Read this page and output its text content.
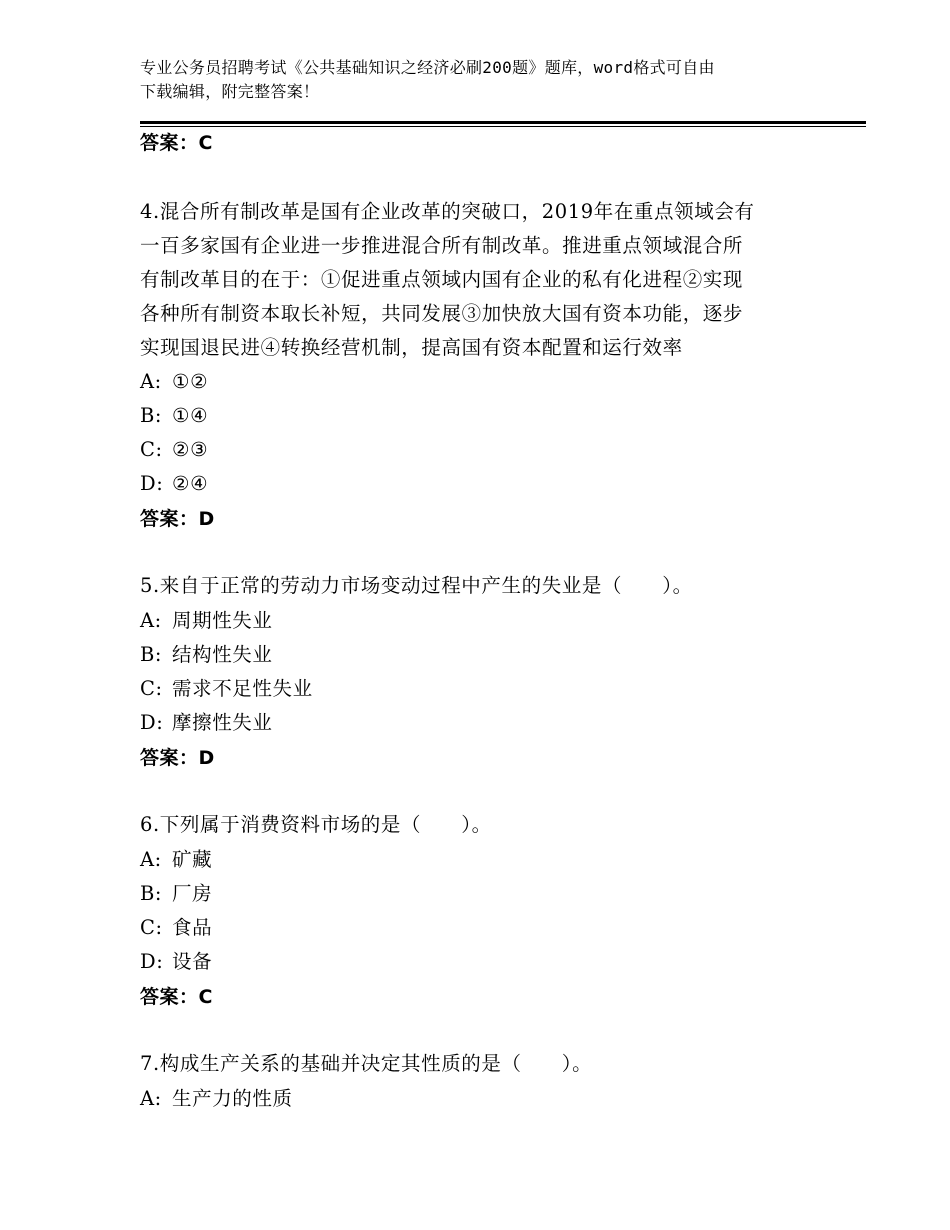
专业公务员招聘考试《公共基础知识之经济必刷200题》题库，word格式可自由
下载编辑，附完整答案！
答案：C
4.混合所有制改革是国有企业改革的突破口，2019年在重点领域会有
一百多家国有企业进一步推进混合所有制改革。推进重点领域混合所
有制改革目的在于：①促进重点领域内国有企业的私有化进程②实现
各种所有制资本取长补短，共同发展③加快放大国有资本功能，逐步
实现国退民进④转换经营机制，提高国有资本配置和运行效率
A: ①②
B: ①④
C: ②③
D: ②④
答案：D
5.来自于正常的劳动力市场变动过程中产生的失业是（　　）。
A: 周期性失业
B: 结构性失业
C: 需求不足性失业
D: 摩擦性失业
答案：D
6.下列属于消费资料市场的是（　　）。
A: 矿藏
B: 厂房
C: 食品
D: 设备
答案：C
7.构成生产关系的基础并决定其性质的是（　　）。
A: 生产力的性质
